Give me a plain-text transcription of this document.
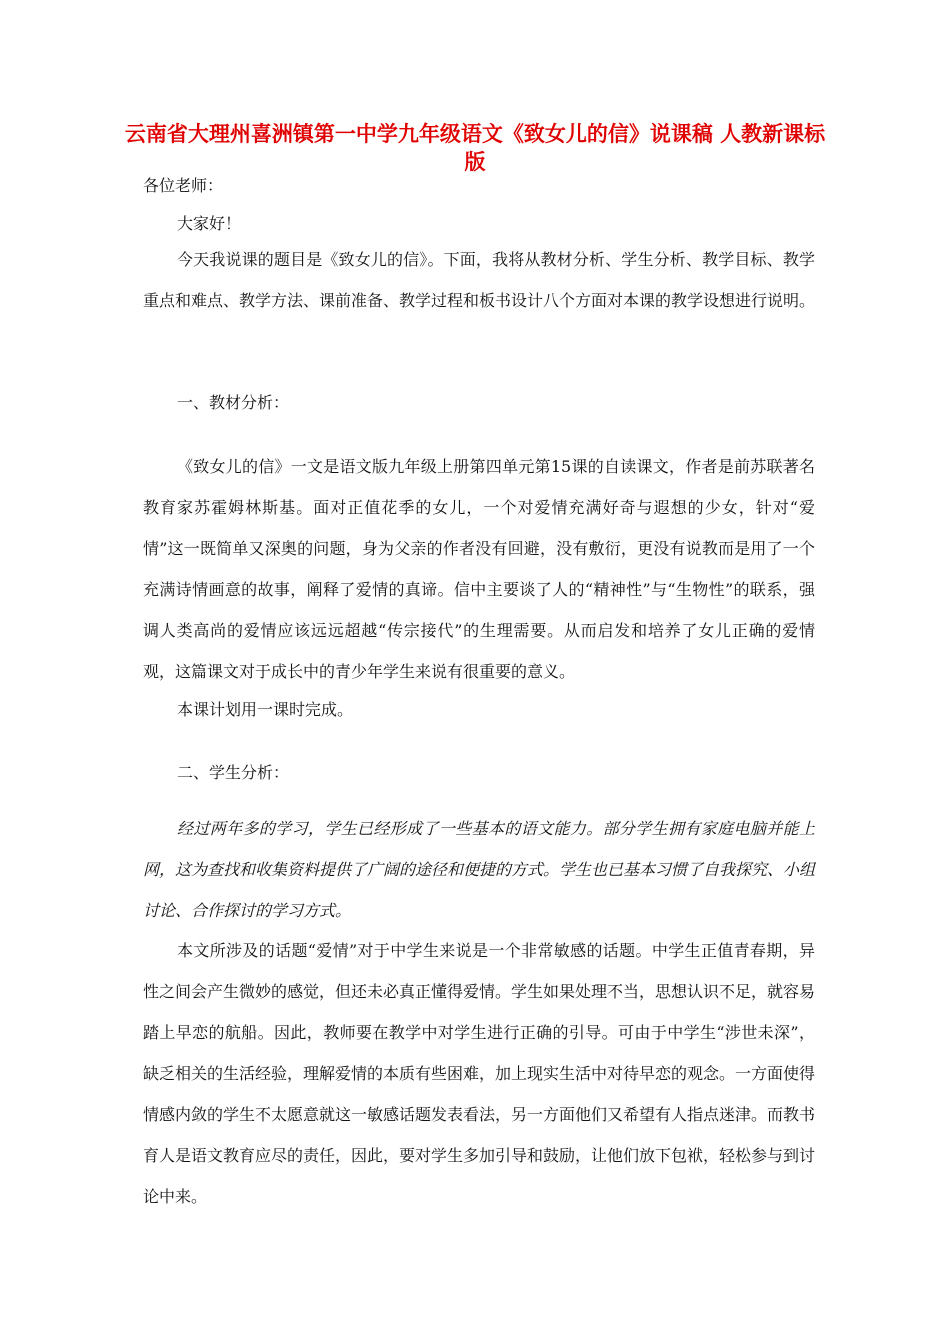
云南省大理州喜洲镇第一中学九年级语文《致女儿的信》说课稿 人教新课标版

各位老师：

大家好！

今天我说课的题目是《致女儿的信》。下面，我将从教材分析、学生分析、教学目标、教学重点和难点、教学方法、课前准备、教学过程和板书设计八个方面对本课的教学设想进行说明。

一、教材分析：

《致女儿的信》一文是语文版九年级上册第四单元第15课的自读课文，作者是前苏联著名教育家苏霍姆林斯基。面对正值花季的女儿，一个对爱情充满好奇与遐想的少女，针对“爱情”这一既简单又深奥的问题，身为父亲的作者没有回避，没有敷衍，更没有说教而是用了一个充满诗情画意的故事，阐释了爱情的真谛。信中主要谈了人的“精神性”与“生物性”的联系，强调人类高尚的爱情应该远远超越“传宗接代”的生理需要。从而启发和培养了女儿正确的爱情观，这篇课文对于成长中的青少年学生来说有很重要的意义。

本课计划用一课时完成。

二、学生分析：

经过两年多的学习，学生已经形成了一些基本的语文能力。部分学生拥有家庭电脑并能上网，这为查找和收集资料提供了广阔的途径和便捷的方式。学生也已基本习惯了自我探究、小组讨论、合作探讨的学习方式。

本文所涉及的话题“爱情”对于中学生来说是一个非常敏感的话题。中学生正值青春期，异性之间会产生微妙的感觉，但还未必真正懂得爱情。学生如果处理不当，思想认识不足，就容易踏上早恋的航船。因此，教师要在教学中对学生进行正确的引导。可由于中学生“涉世未深”，缺乏相关的生活经验，理解爱情的本质有些困难，加上现实生活中对待早恋的观念。一方面使得情感内敛的学生不太愿意就这一敏感话题发表看法，另一方面他们又希望有人指点迷津。而教书育人是语文教育应尽的责任，因此，要对学生多加引导和鼓励，让他们放下包袱，轻松参与到讨论中来。
